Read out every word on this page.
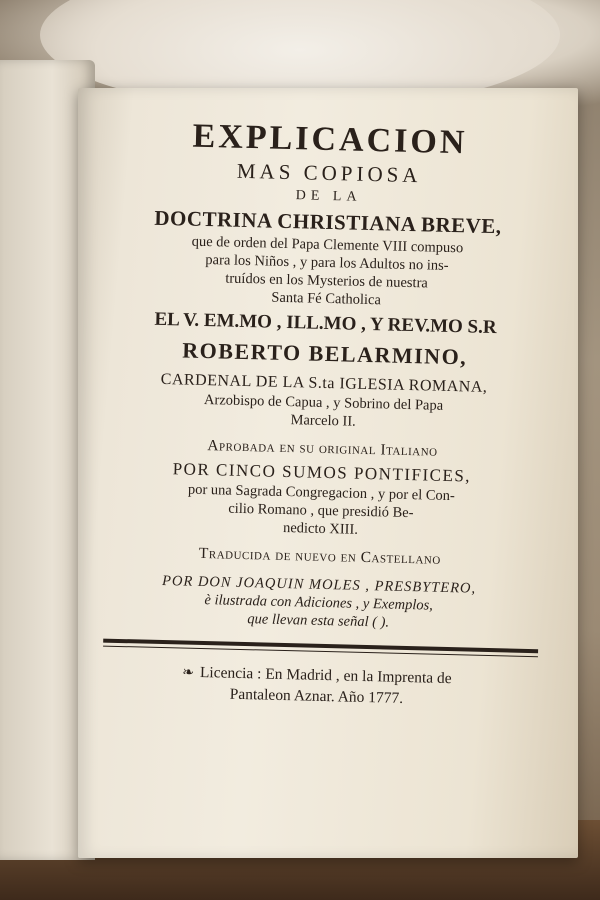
EXPLICACION
MAS COPIOSA
DE LA
DOCTRINA CHRISTIANA BREVE,
que de orden del Papa Clemente VIII compuso
para los Niños , y para los Adultos no ins-
truídos en los Mysterios de nuestra
Santa Fé Catholica
EL V. EM.MO , ILL.MO , Y REV.MO S.R
ROBERTO BELARMINO,
CARDENAL DE LA S.ta IGLESIA ROMANA,
Arzobispo de Capua , y Sobrino del Papa
Marcelo II.
Aprobada en su original Italiano
POR CINCO SUMOS PONTIFICES,
por una Sagrada Congregacion , y por el Con-
cilio Romano , que presidió Be-
nedicto XIII.
Traducida de nuevo en Castellano
POR DON JOAQUIN MOLES , PRESBYTERO,
è ilustrada con Adiciones , y Exemplos,
que llevan esta señal ( ).
❧ Licencia : En Madrid , en la Imprenta de
Pantaleon Aznar. Año 1777.
